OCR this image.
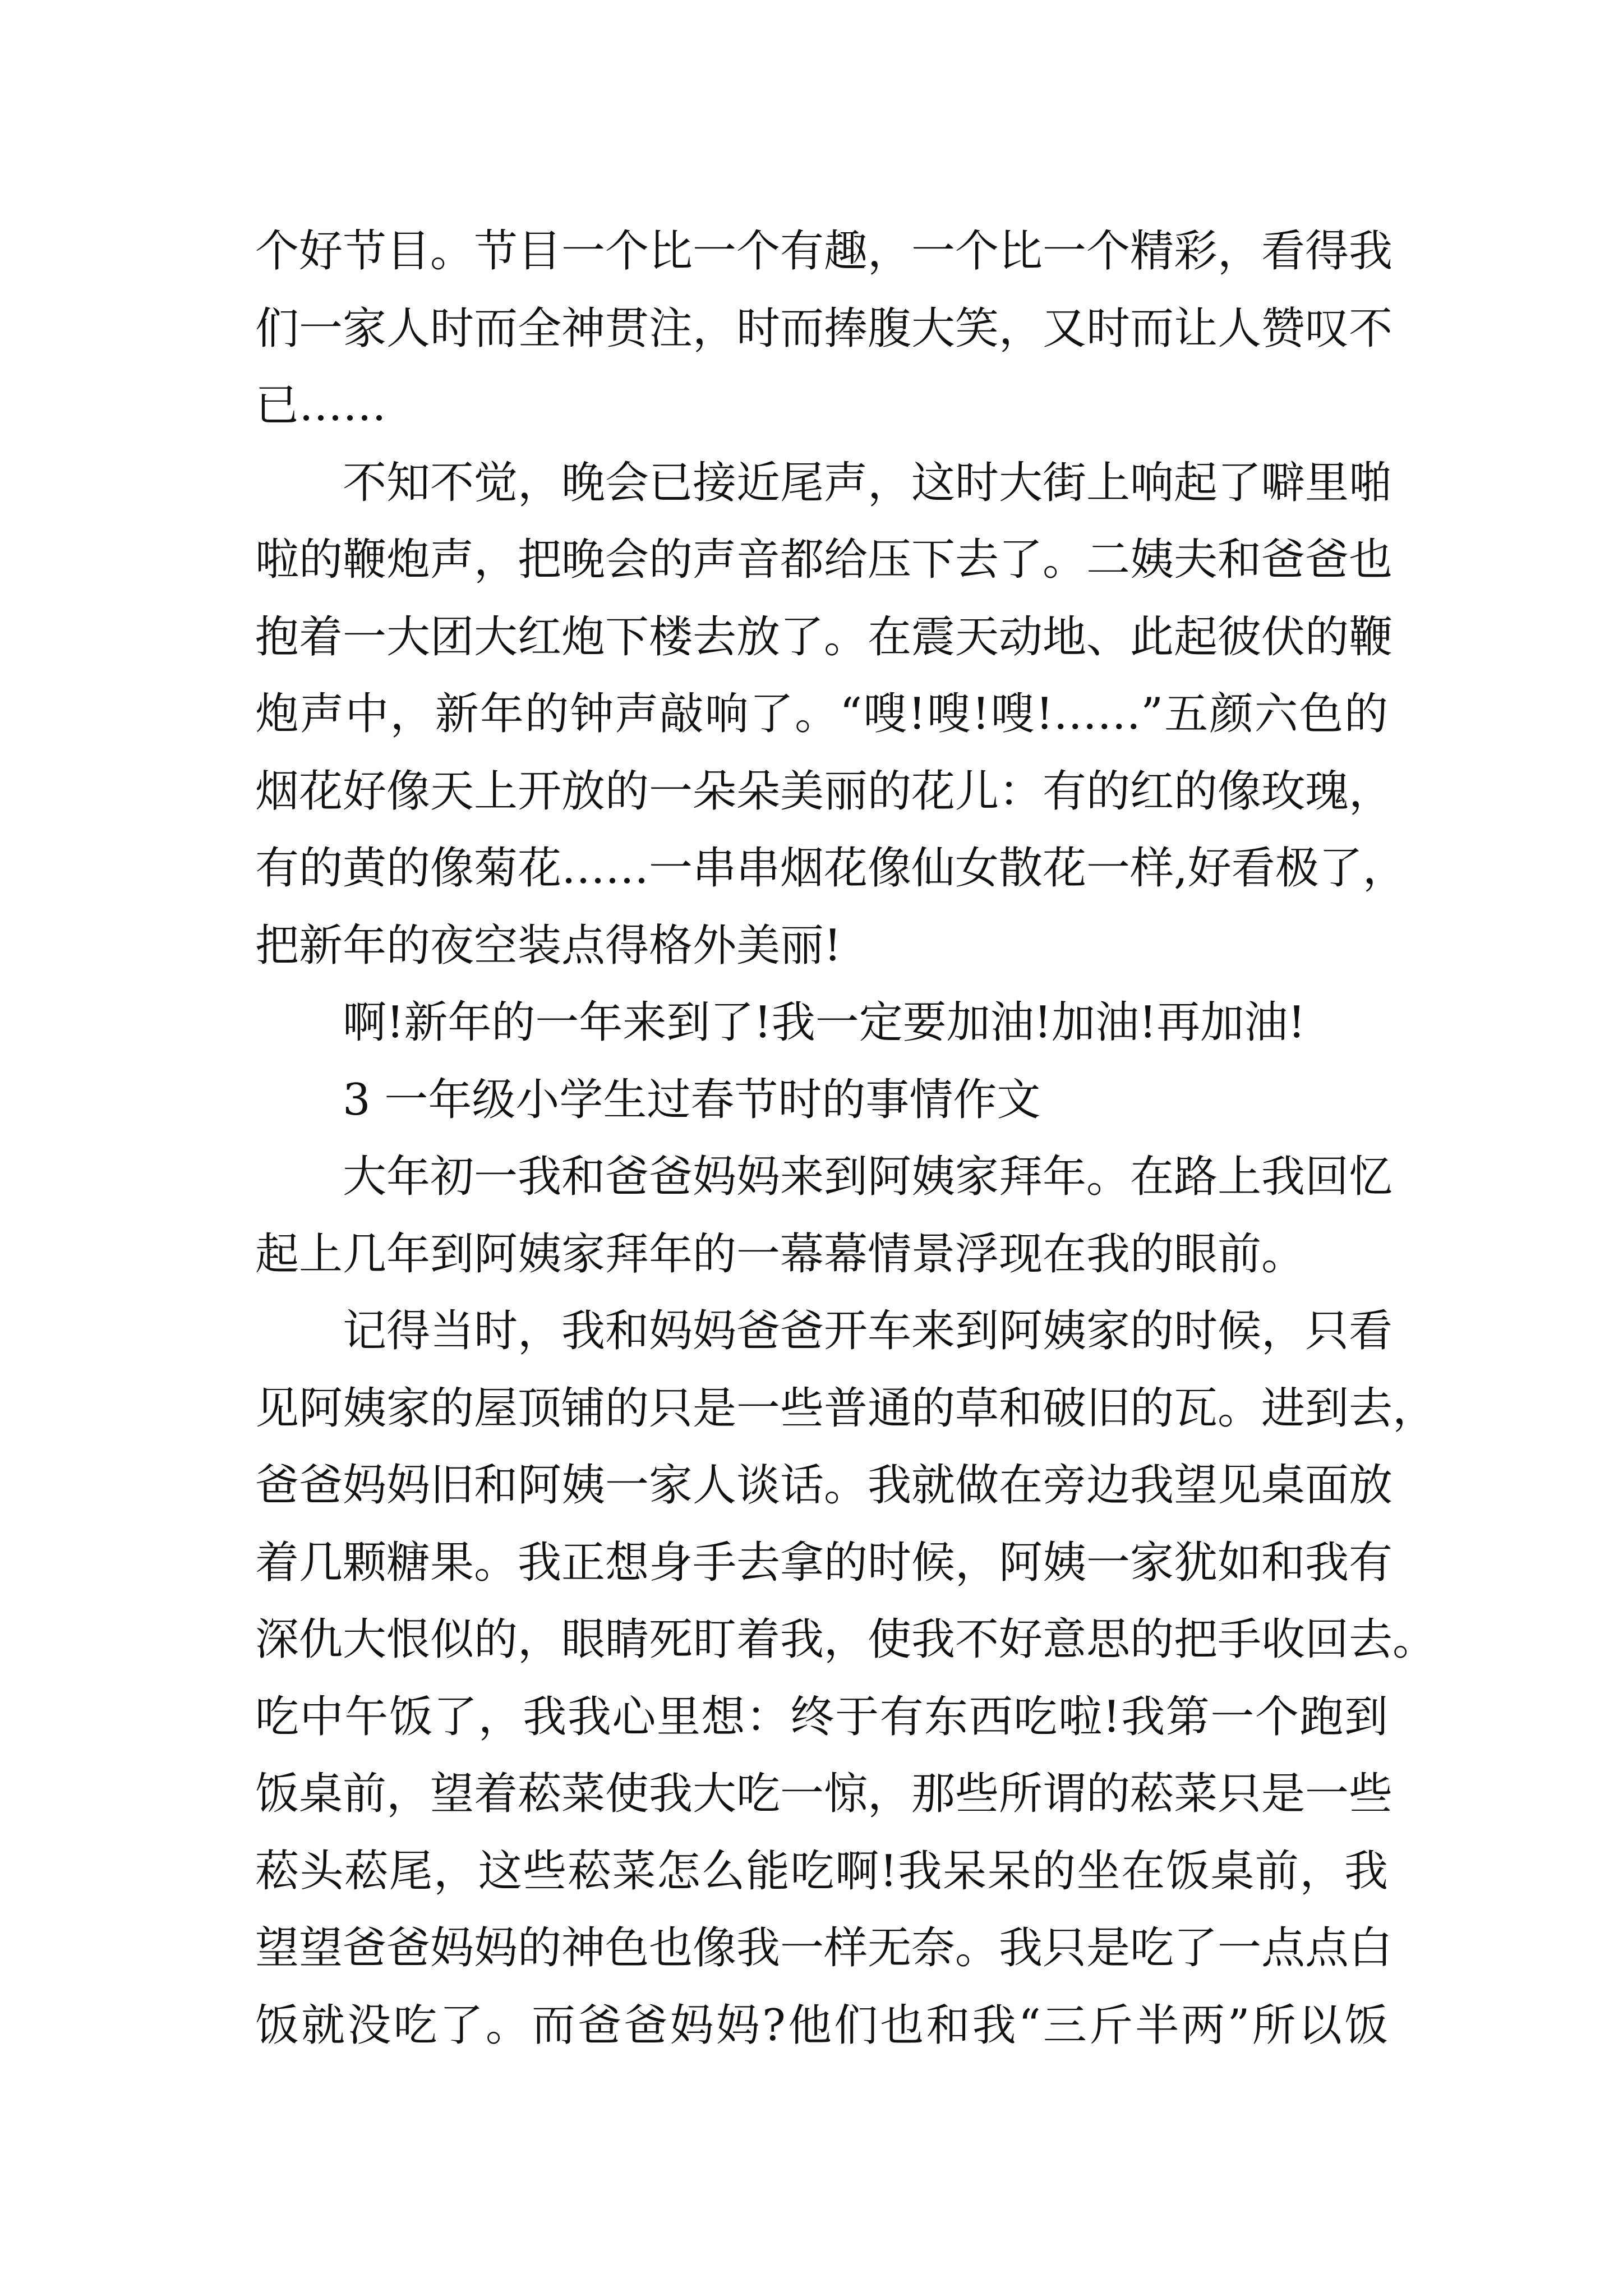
个好节目。节目一个比一个有趣，一个比一个精彩，看得我
们一家人时而全神贯注，时而捧腹大笑，又时而让人赞叹不
已……
不知不觉，晚会已接近尾声，这时大街上响起了噼里啪
啦的鞭炮声，把晚会的声音都给压下去了。二姨夫和爸爸也
抱着一大团大红炮下楼去放了。在震天动地、此起彼伏的鞭
炮声中，新年的钟声敲响了。“嗖!嗖!嗖!……”五颜六色的
烟花好像天上开放的一朵朵美丽的花儿：有的红的像玫瑰，
有的黄的像菊花……一串串烟花像仙女散花一样,好看极了，
把新年的夜空装点得格外美丽!
啊!新年的一年来到了!我一定要加油!加油!再加油!
3 一年级小学生过春节时的事情作文
大年初一我和爸爸妈妈来到阿姨家拜年。在路上我回忆
起上几年到阿姨家拜年的一幕幕情景浮现在我的眼前。
记得当时，我和妈妈爸爸开车来到阿姨家的时候，只看
见阿姨家的屋顶铺的只是一些普通的草和破旧的瓦。进到去，
爸爸妈妈旧和阿姨一家人谈话。我就做在旁边我望见桌面放
着几颗糖果。我正想身手去拿的时候，阿姨一家犹如和我有
深仇大恨似的，眼睛死盯着我，使我不好意思的把手收回去。
吃中午饭了，我我心里想：终于有东西吃啦!我第一个跑到
饭桌前，望着菘菜使我大吃一惊，那些所谓的菘菜只是一些
菘头菘尾，这些菘菜怎么能吃啊!我呆呆的坐在饭桌前，我
望望爸爸妈妈的神色也像我一样无奈。我只是吃了一点点白
饭就没吃了。而爸爸妈妈?他们也和我“三斤半两”所以饭
